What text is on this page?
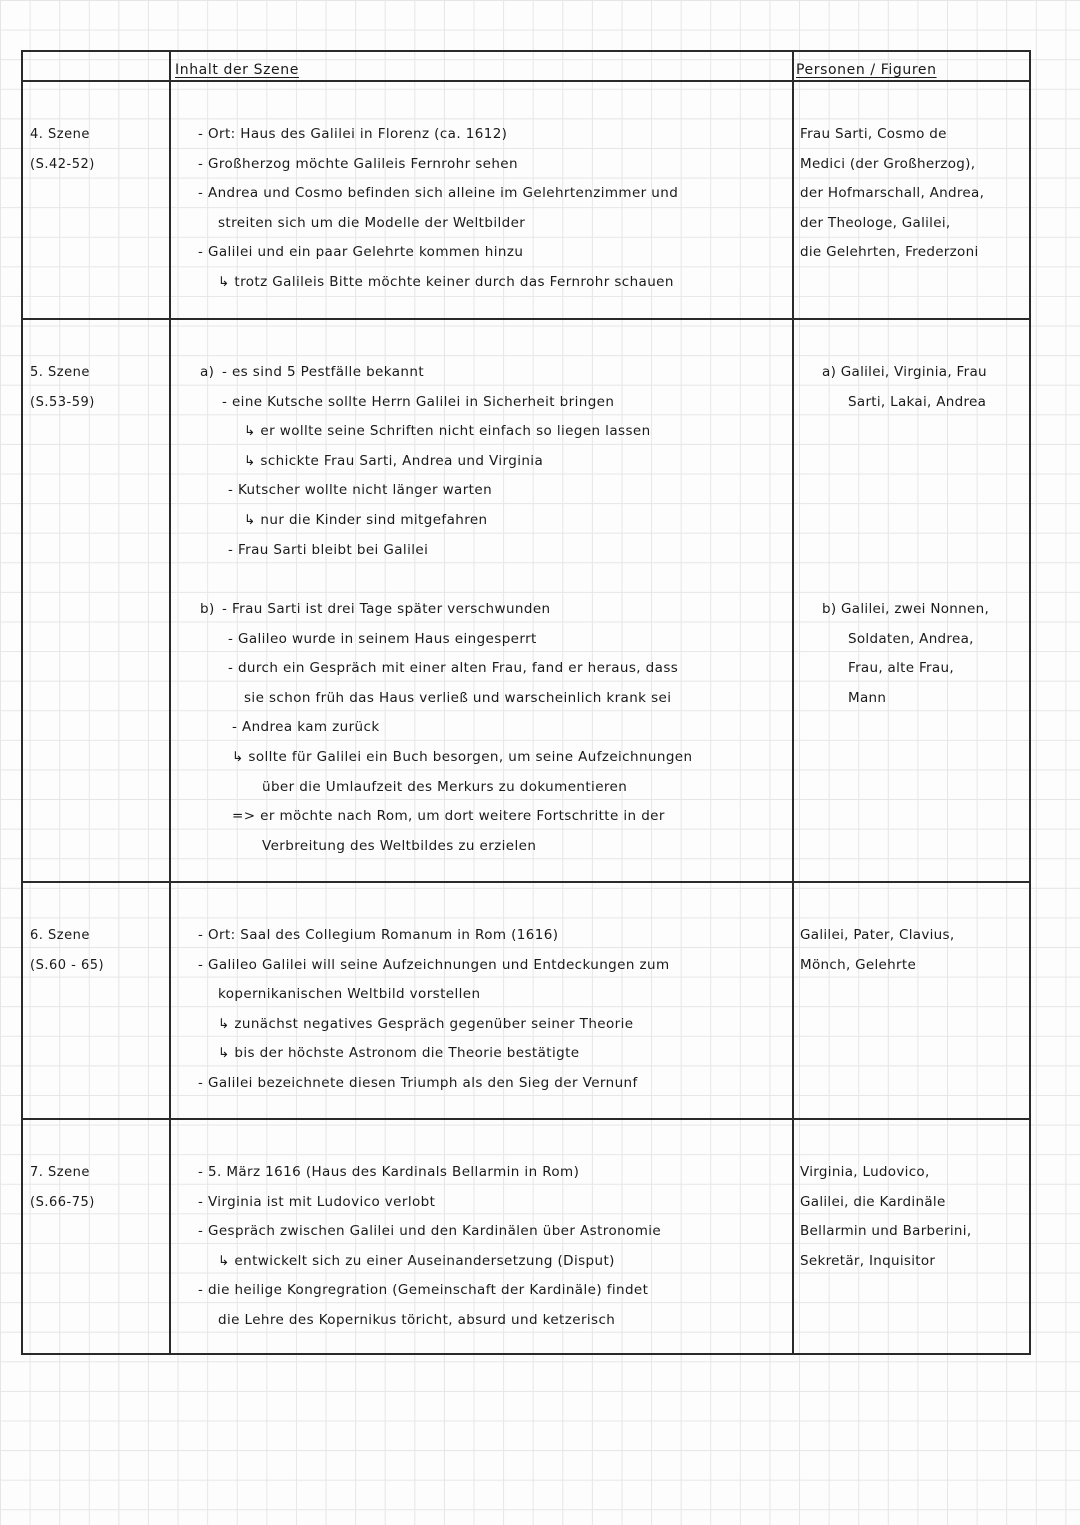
Inhalt der Szene	Personen / Figuren
4. Szene
(S.42-52)
- Ort: Haus des Galilei in Florenz (ca. 1612)
- Großherzog möchte Galileis Fernrohr sehen
- Andrea und Cosmo befinden sich alleine im Gelehrtenzimmer und
streiten sich um die Modelle der Weltbilder
- Galilei und ein paar Gelehrte kommen hinzu
↳ trotz Galileis Bitte möchte keiner durch das Fernrohr schauen
Frau Sarti, Cosmo de
Medici (der Großherzog),
der Hofmarschall, Andrea,
der Theologe, Galilei,
die Gelehrten, Frederzoni
5. Szene
(S.53-59)
a) - es sind 5 Pestfälle bekannt
- eine Kutsche sollte Herrn Galilei in Sicherheit bringen
↳ er wollte seine Schriften nicht einfach so liegen lassen
↳ schickte Frau Sarti, Andrea und Virginia
- Kutscher wollte nicht länger warten
↳ nur die Kinder sind mitgefahren
- Frau Sarti bleibt bei Galilei
a) Galilei, Virginia, Frau
Sarti, Lakai, Andrea
b) - Frau Sarti ist drei Tage später verschwunden
- Galileo wurde in seinem Haus eingesperrt
- durch ein Gespräch mit einer alten Frau, fand er heraus, dass
sie schon früh das Haus verließ und warscheinlich krank sei
- Andrea kam zurück
↳ sollte für Galilei ein Buch besorgen, um seine Aufzeichnungen
über die Umlaufzeit des Merkurs zu dokumentieren
=> er möchte nach Rom, um dort weitere Fortschritte in der
Verbreitung des Weltbildes zu erzielen
b) Galilei, zwei Nonnen,
Soldaten, Andrea,
Frau, alte Frau,
Mann
6. Szene
(S.60 - 65)
- Ort: Saal des Collegium Romanum in Rom (1616)
- Galileo Galilei will seine Aufzeichnungen und Entdeckungen zum
kopernikanischen Weltbild vorstellen
↳ zunächst negatives Gespräch gegenüber seiner Theorie
↳ bis der höchste Astronom die Theorie bestätigte
- Galilei bezeichnete diesen Triumph als den Sieg der Vernunf
Galilei, Pater, Clavius,
Mönch, Gelehrte
7. Szene
(S.66-75)
- 5. März 1616 (Haus des Kardinals Bellarmin in Rom)
- Virginia ist mit Ludovico verlobt
- Gespräch zwischen Galilei und den Kardinälen über Astronomie
↳ entwickelt sich zu einer Auseinandersetzung (Disput)
- die heilige Kongregration (Gemeinschaft der Kardinäle) findet
die Lehre des Kopernikus töricht, absurd und ketzerisch
Virginia, Ludovico,
Galilei, die Kardinäle
Bellarmin und Barberini,
Sekretär, Inquisitor
